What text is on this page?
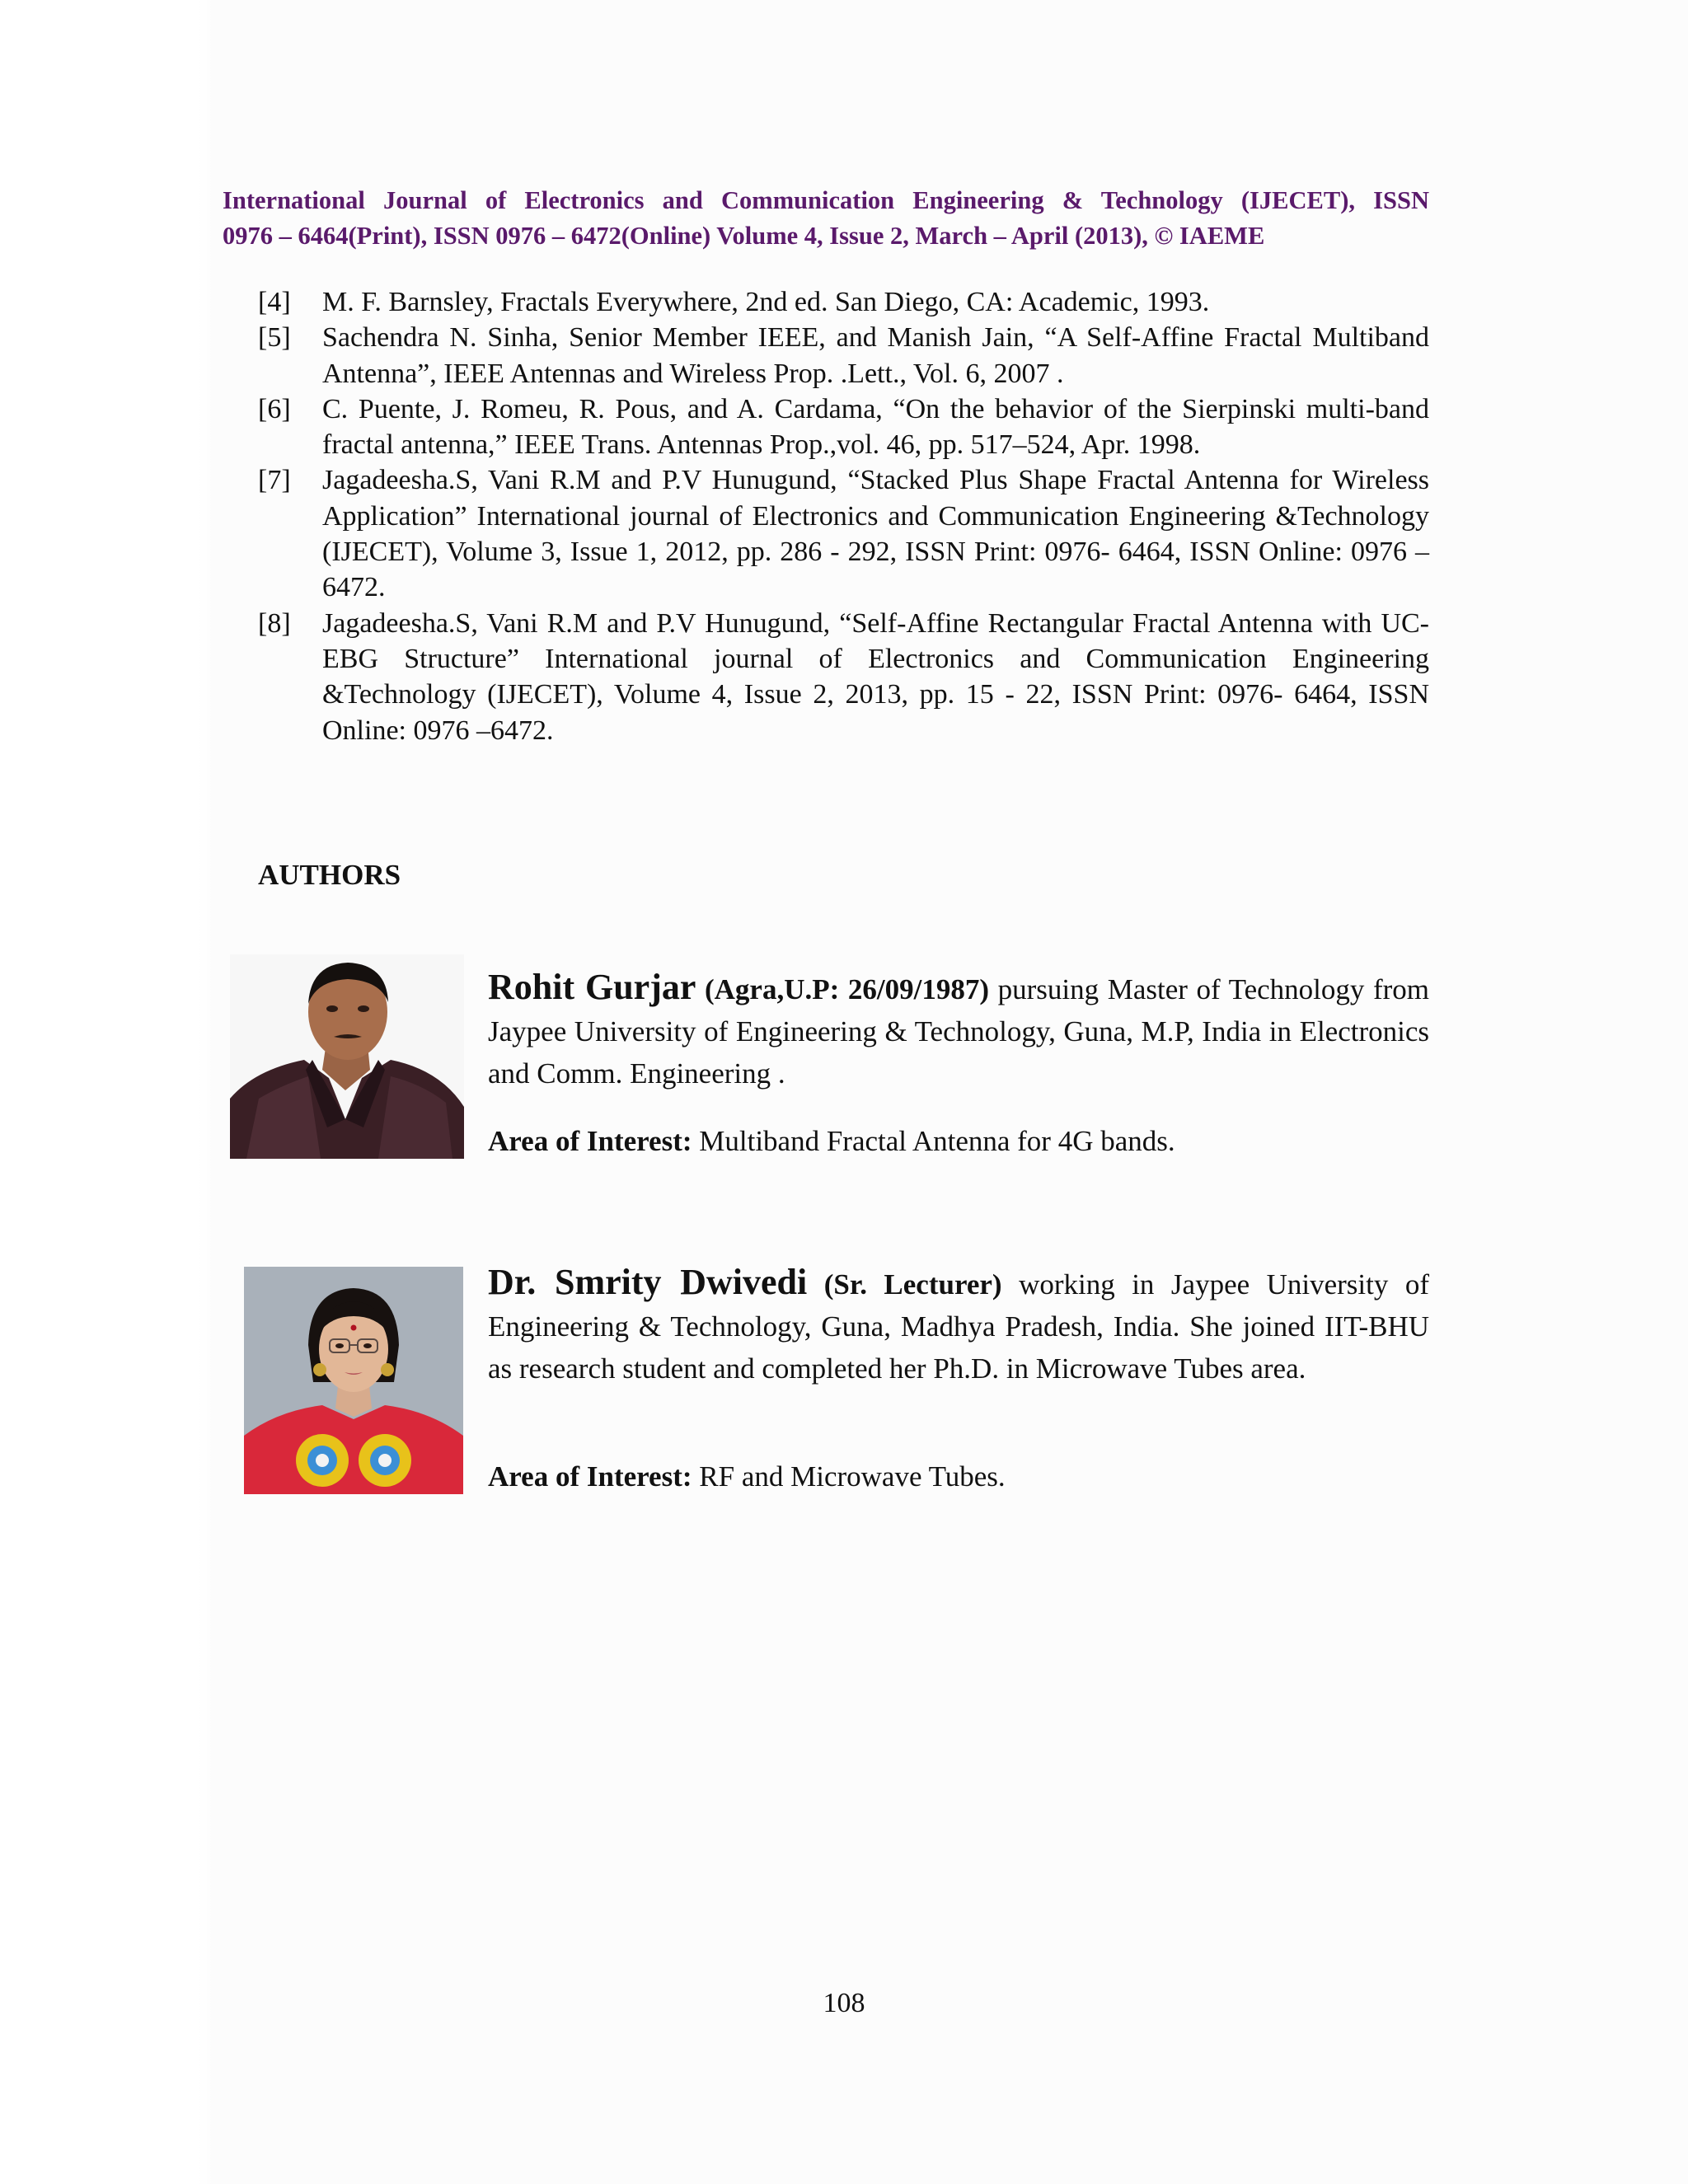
International Journal of Electronics and Communication Engineering & Technology (IJECET), ISSN
0976 – 6464(Print), ISSN 0976 – 6472(Online) Volume 4, Issue 2, March – April (2013), © IAEME
[4] M. F. Barnsley, Fractals Everywhere, 2nd ed. San Diego, CA: Academic, 1993.
[5] Sachendra N. Sinha, Senior Member IEEE, and Manish Jain, “A Self-Affine Fractal Multiband Antenna”, IEEE Antennas and Wireless Prop. .Lett., Vol. 6, 2007 .
[6] C. Puente, J. Romeu, R. Pous, and A. Cardama, “On the behavior of the Sierpinski multi-band fractal antenna,” IEEE Trans. Antennas Prop.,vol. 46, pp. 517–524, Apr. 1998.
[7] Jagadeesha.S, Vani R.M and P.V Hunugund, “Stacked Plus Shape Fractal Antenna for Wireless Application” International journal of Electronics and Communication Engineering &Technology (IJECET), Volume 3, Issue 1, 2012, pp. 286 - 292, ISSN Print: 0976- 6464, ISSN Online: 0976 –6472.
[8] Jagadeesha.S, Vani R.M and P.V Hunugund, “Self-Affine Rectangular Fractal Antenna with UC-EBG Structure” International journal of Electronics and Communication Engineering &Technology (IJECET), Volume 4, Issue 2, 2013, pp. 15 - 22, ISSN Print: 0976- 6464, ISSN Online: 0976 –6472.
AUTHORS
Rohit Gurjar (Agra,U.P: 26/09/1987) pursuing Master of Technology from Jaypee University of Engineering & Technology, Guna, M.P, India in Electronics and Comm. Engineering .
Area of Interest: Multiband Fractal Antenna for 4G bands.
Dr. Smrity Dwivedi (Sr. Lecturer) working in Jaypee University of Engineering & Technology, Guna, Madhya Pradesh, India. She joined IIT-BHU as research student and completed her Ph.D. in Microwave Tubes area.
Area of Interest: RF and Microwave Tubes.
108
